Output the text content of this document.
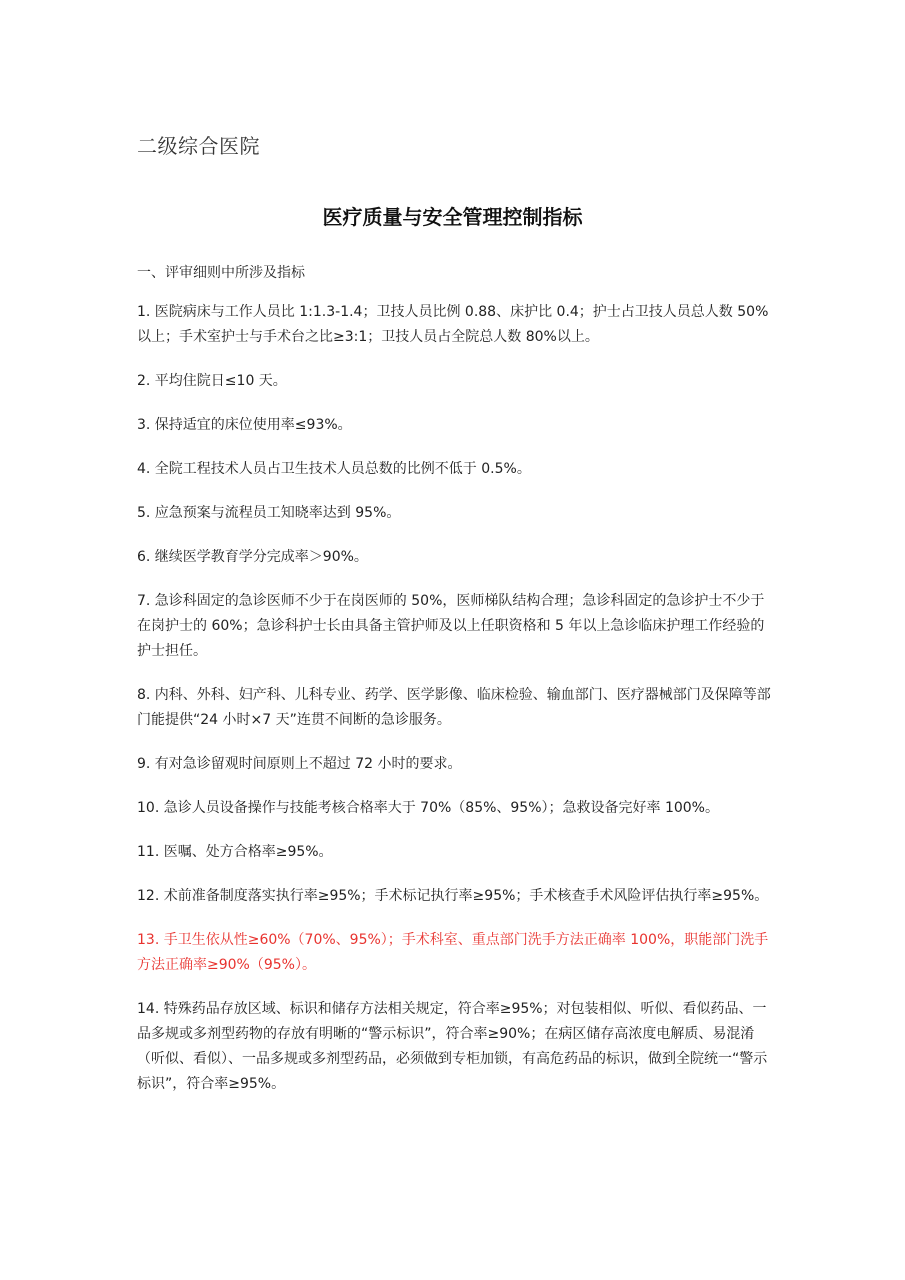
二级综合医院
医疗质量与安全管理控制指标
一、评审细则中所涉及指标

1. 医院病床与工作人员比 1:1.3-1.4；卫技人员比例 0.88、床护比 0.4；护士占卫技人员总人数 50%以上；手术室护士与手术台之比≥3:1；卫技人员占全院总人数 80%以上。

2. 平均住院日≤10 天。

3. 保持适宜的床位使用率≤93%。

4. 全院工程技术人员占卫生技术人员总数的比例不低于 0.5%。

5. 应急预案与流程员工知晓率达到 95%。

6. 继续医学教育学分完成率＞90%。

7. 急诊科固定的急诊医师不少于在岗医师的 50%，医师梯队结构合理；急诊科固定的急诊护士不少于在岗护士的 60%；急诊科护士长由具备主管护师及以上任职资格和 5 年以上急诊临床护理工作经验的护士担任。

8. 内科、外科、妇产科、儿科专业、药学、医学影像、临床检验、输血部门、医疗器械部门及保障等部门能提供“24 小时×7 天”连贯不间断的急诊服务。

9. 有对急诊留观时间原则上不超过 72 小时的要求。

10. 急诊人员设备操作与技能考核合格率大于 70%（85%、95%）；急救设备完好率 100%。

11. 医嘱、处方合格率≥95%。

12. 术前准备制度落实执行率≥95%；手术标记执行率≥95%；手术核查手术风险评估执行率≥95%。

13. 手卫生依从性≥60%（70%、95%）；手术科室、重点部门洗手方法正确率 100%，职能部门洗手方法正确率≥90%（95%）。

14. 特殊药品存放区域、标识和储存方法相关规定，符合率≥95%；对包装相似、听似、看似药品、一品多规或多剂型药物的存放有明晰的“警示标识”，符合率≥90%；在病区储存高浓度电解质、易混淆（听似、看似）、一品多规或多剂型药品，必须做到专柜加锁，有高危药品的标识，做到全院统一“警示标识”，符合率≥95%。
